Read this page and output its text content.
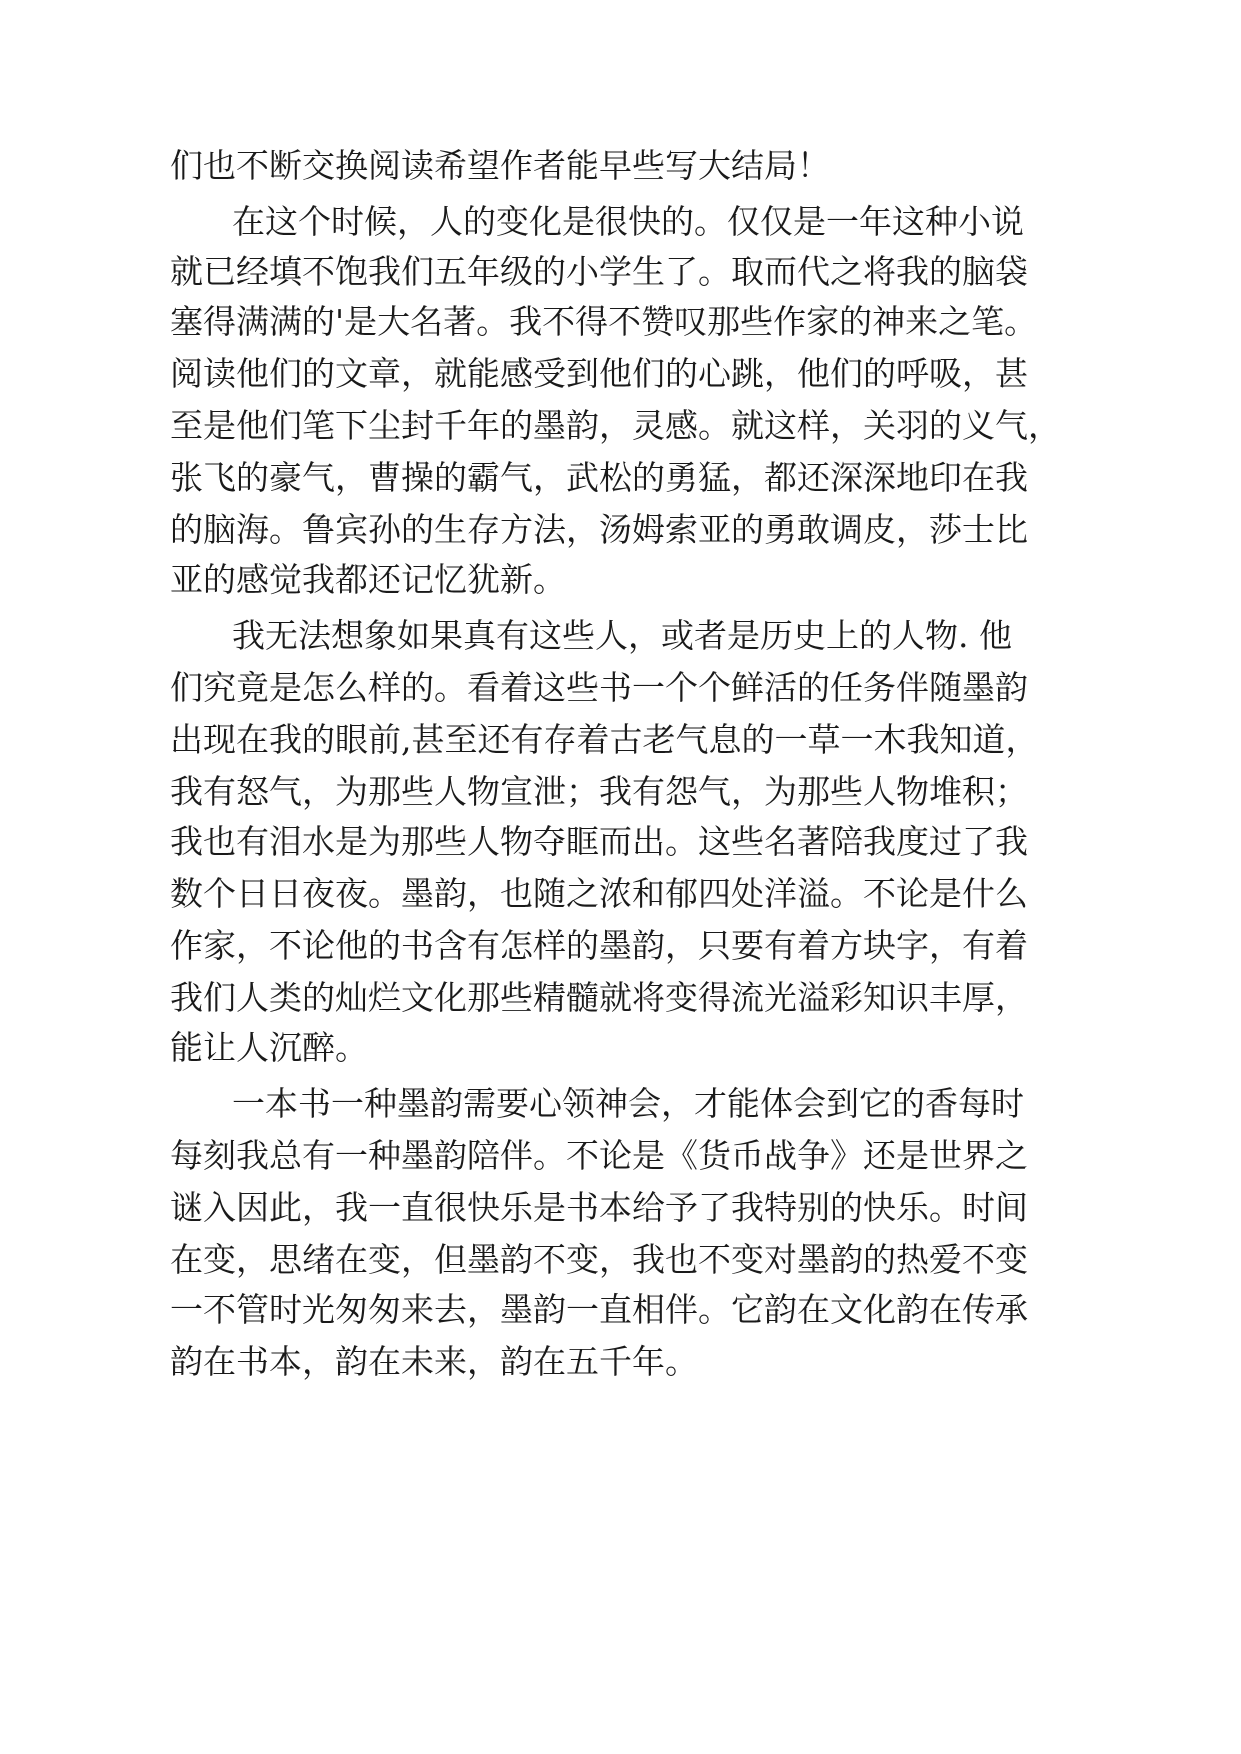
们也不断交换阅读希望作者能早些写大结局！
在这个时候，人的变化是很快的。仅仅是一年这种小说
就已经填不饱我们五年级的小学生了。取而代之将我的脑袋
塞得满满的'是大名著。我不得不赞叹那些作家的神来之笔。
阅读他们的文章，就能感受到他们的心跳，他们的呼吸，甚
至是他们笔下尘封千年的墨韵，灵感。就这样，关羽的义气，
张飞的豪气，曹操的霸气，武松的勇猛，都还深深地印在我
的脑海。鲁宾孙的生存方法，汤姆索亚的勇敢调皮，莎士比
亚的感觉我都还记忆犹新。
我无法想象如果真有这些人，或者是历史上的人物. 他
们究竟是怎么样的。看着这些书一个个鲜活的任务伴随墨韵
出现在我的眼前,甚至还有存着古老气息的一草一木我知道，
我有怒气，为那些人物宣泄；我有怨气，为那些人物堆积；
我也有泪水是为那些人物夺眶而出。这些名著陪我度过了我
数个日日夜夜。墨韵，也随之浓和郁四处洋溢。不论是什么
作家，不论他的书含有怎样的墨韵，只要有着方块字，有着
我们人类的灿烂文化那些精髓就将变得流光溢彩知识丰厚，
能让人沉醉。
一本书一种墨韵需要心领神会，才能体会到它的香每时
每刻我总有一种墨韵陪伴。不论是《货币战争》还是世界之
谜入因此，我一直很快乐是书本给予了我特别的快乐。时间
在变，思绪在变，但墨韵不变，我也不变对墨韵的热爱不变
一不管时光匆匆来去，墨韵一直相伴。它韵在文化韵在传承
韵在书本，韵在未来，韵在五千年。
